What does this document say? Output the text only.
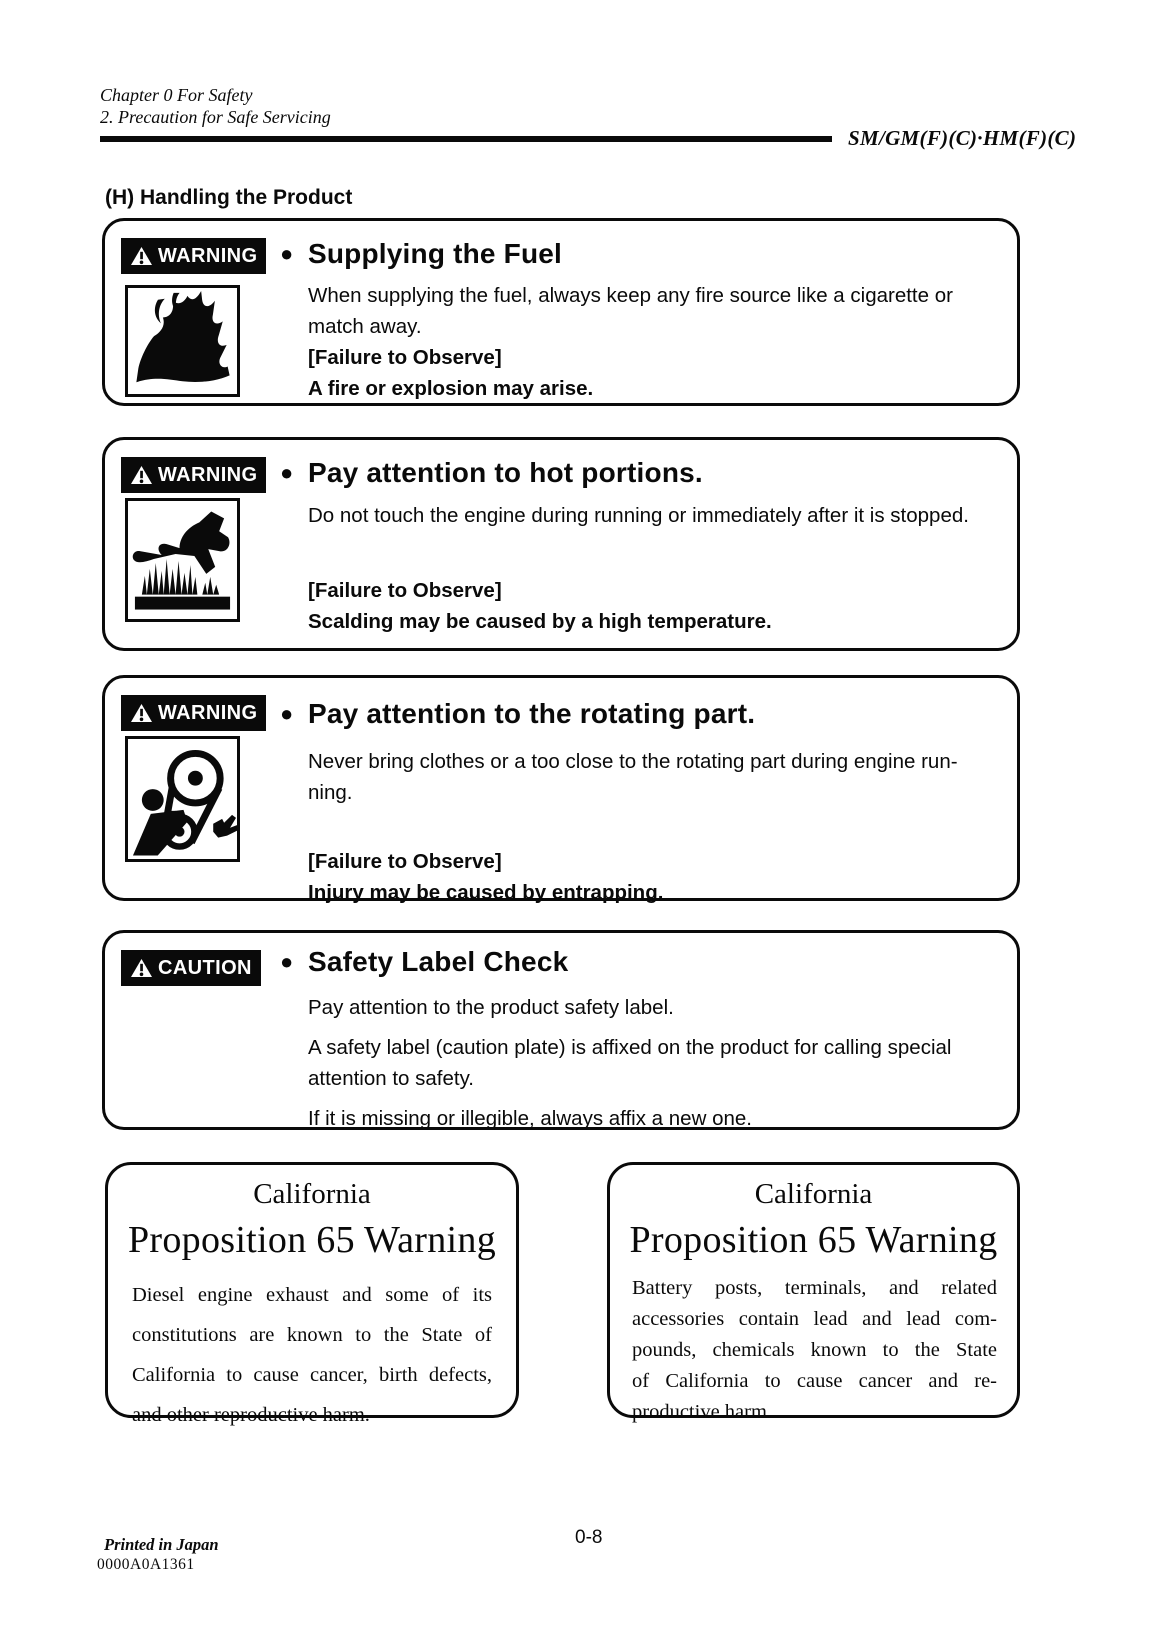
Chapter 0 For Safety
2. Precaution for Safe Servicing
SM/GM(F)(C)·HM(F)(C)
(H) Handling the Product
WARNING ● Supplying the Fuel
When supplying the fuel, always keep any fire source like a cigarette or
match away.
[Failure to Observe]
A fire or explosion may arise.
WARNING ● Pay attention to hot portions.
Do not touch the engine during running or immediately after it is stopped.
[Failure to Observe]
Scalding may be caused by a high temperature.
WARNING ● Pay attention to the rotating part.
Never bring clothes or a too close to the rotating part during engine run-
ning.
[Failure to Observe]
Injury may be caused by entrapping.
CAUTION ● Safety Label Check
Pay attention to the product safety label.
A safety label (caution plate) is affixed on the product for calling special
attention to safety.
If it is missing or illegible, always affix a new one.
California
Proposition 65 Warning
Diesel engine exhaust and some of its
constitutions are known to the State of
California to cause cancer, birth defects,
and other reproductive harm.
California
Proposition 65 Warning
Battery posts, terminals, and related
accessories contain lead and lead com-
pounds, chemicals known to the State
of California to cause cancer and re-
productive harm.
Printed in Japan
0000A0A1361
0-8
